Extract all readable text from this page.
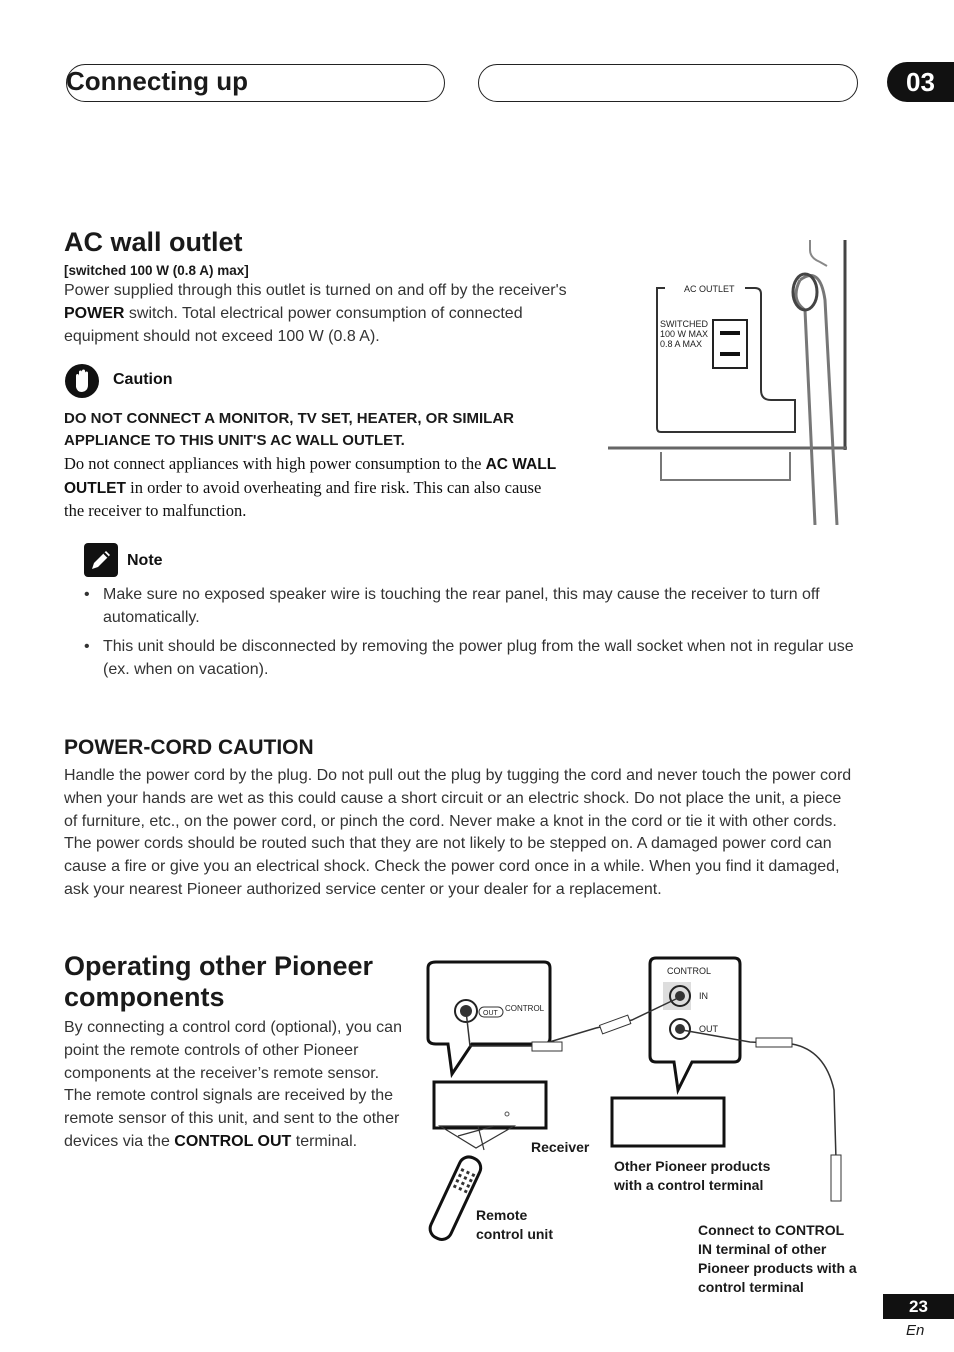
Connecting up	03
AC wall outlet
[switched 100 W (0.8 A) max]
Power supplied through this outlet is turned on and off by the receiver's POWER switch. Total electrical power consumption of connected equipment should not exceed 100 W (0.8 A).
Caution
DO NOT CONNECT A MONITOR, TV SET, HEATER, OR SIMILAR APPLIANCE TO THIS UNIT'S AC WALL OUTLET.
Do not connect appliances with high power consumption to the AC WALL OUTLET in order to avoid overheating and fire risk. This can also cause the receiver to malfunction.
AC OUTLET
SWITCHED
100 W MAX
0.8 A MAX
Note
• Make sure no exposed speaker wire is touching the rear panel, this may cause the receiver to turn off automatically.
• This unit should be disconnected by removing the power plug from the wall socket when not in regular use (ex. when on vacation).
POWER-CORD CAUTION
Handle the power cord by the plug. Do not pull out the plug by tugging the cord and never touch the power cord when your hands are wet as this could cause a short circuit or an electric shock. Do not place the unit, a piece of furniture, etc., on the power cord, or pinch the cord. Never make a knot in the cord or tie it with other cords. The power cords should be routed such that they are not likely to be stepped on. A damaged power cord can cause a fire or give you an electrical shock. Check the power cord once in a while. When you find it damaged, ask your nearest Pioneer authorized service center or your dealer for a replacement.
Operating other Pioneer components
By connecting a control cord (optional), you can point the remote controls of other Pioneer components at the receiver’s remote sensor. The remote control signals are received by the remote sensor of this unit, and sent to the other devices via the CONTROL OUT terminal.
OUT
CONTROL
CONTROL
IN
OUT
Receiver
Other Pioneer products with a control terminal
Remote control unit	Connect to CONTROL IN terminal of other Pioneer products with a control terminal
23
En
